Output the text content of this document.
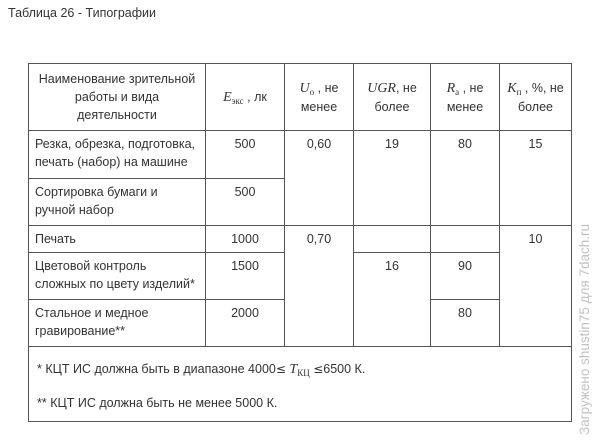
Таблица 26 - Типографии
Наименование зрительной работы и вида деятельности	$E_{экс}$ , лк	$U_о$ , не менее	UGR, не более	$R_а$ , не менее	$K_п$ , %, не более
Резка, обрезка, подготовка, печать (набор) на машине	500	0,60	19	80	15
Сортировка бумаги и ручной набор	500				
Печать	1000	0,70			10
Цветовой контроль сложных по цвету изделий*	1500		16	90	
Стальное и медное гравирование**	2000			80	

* КЦТ ИС должна быть в диапазоне $4000\le T_{КЦ} \le 6500$ К.
** КЦТ ИС должна быть не менее 5000 К.						Загружено shustin75 для 7dach.ru
